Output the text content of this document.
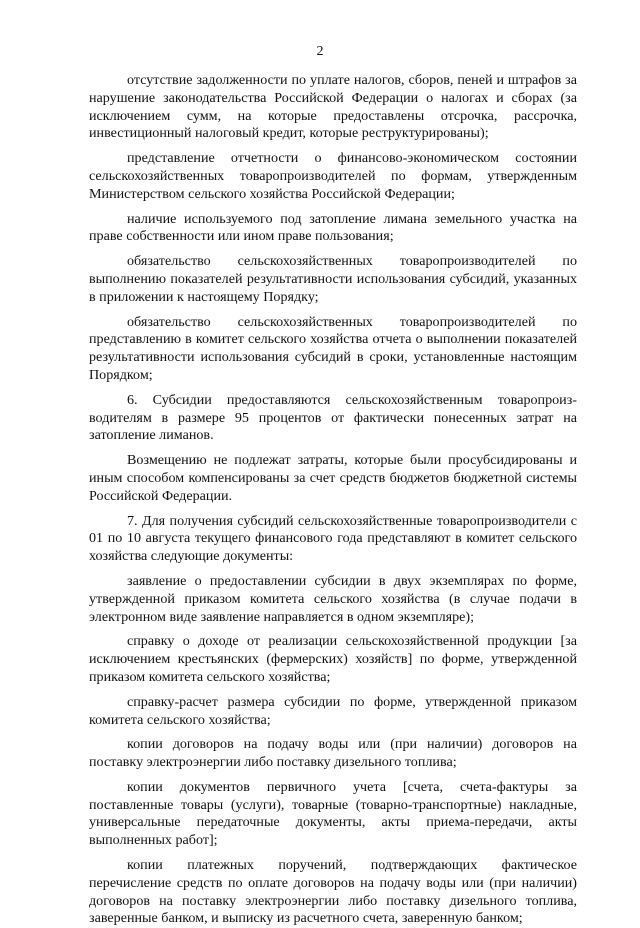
2

отсутствие задолженности по уплате налогов, сборов, пеней и штрафов за нарушение законодательства Российской Федерации о налогах и сборах (за исключением сумм, на которые предоставлены отсрочка, рассрочка, инвестиционный налоговый кредит, которые реструктурированы);

представление отчетности о финансово-экономическом состоянии сельскохозяйственных товаропроизводителей по формам, утвержденным Министерством сельского хозяйства Российской Федерации;

наличие используемого под затопление лимана земельного участка на праве собственности или ином праве пользования;

обязательство сельскохозяйственных товаропроизводителей по выполнению показателей результативности использования субсидий, указанных в приложении к настоящему Порядку;

обязательство сельскохозяйственных товаропроизводителей по представлению в комитет сельского хозяйства отчета о выполнении показателей результативности использования субсидий в сроки, установленные настоящим Порядком;

6. Субсидии предоставляются сельскохозяйственным товаропроизводителям в размере 95 процентов от фактически понесенных затрат на затопление лиманов.

Возмещению не подлежат затраты, которые были просубсидированы и иным способом компенсированы за счет средств бюджетов бюджетной системы Российской Федерации.

7. Для получения субсидий сельскохозяйственные товаропроизводители с 01 по 10 августа текущего финансового года представляют в комитет сельского хозяйства следующие документы:

заявление о предоставлении субсидии в двух экземплярах по форме, утвержденной приказом комитета сельского хозяйства (в случае подачи в электронном виде заявление направляется в одном экземпляре);

справку о доходе от реализации сельскохозяйственной продукции [за исключением крестьянских (фермерских) хозяйств] по форме, утвержденной приказом комитета сельского хозяйства;

справку-расчет размера субсидии по форме, утвержденной приказом комитета сельского хозяйства;

копии договоров на подачу воды или (при наличии) договоров на поставку электроэнергии либо поставку дизельного топлива;

копии документов первичного учета [счета, счета-фактуры за поставленные товары (услуги), товарные (товарно-транспортные) накладные, универсальные передаточные документы, акты приема-передачи, акты выполненных работ];

копии платежных поручений, подтверждающих фактическое перечисление средств по оплате договоров на подачу воды или (при наличии) договоров на поставку электроэнергии либо поставку дизельного топлива, заверенные банком, и выписку из расчетного счета, заверенную банком;
